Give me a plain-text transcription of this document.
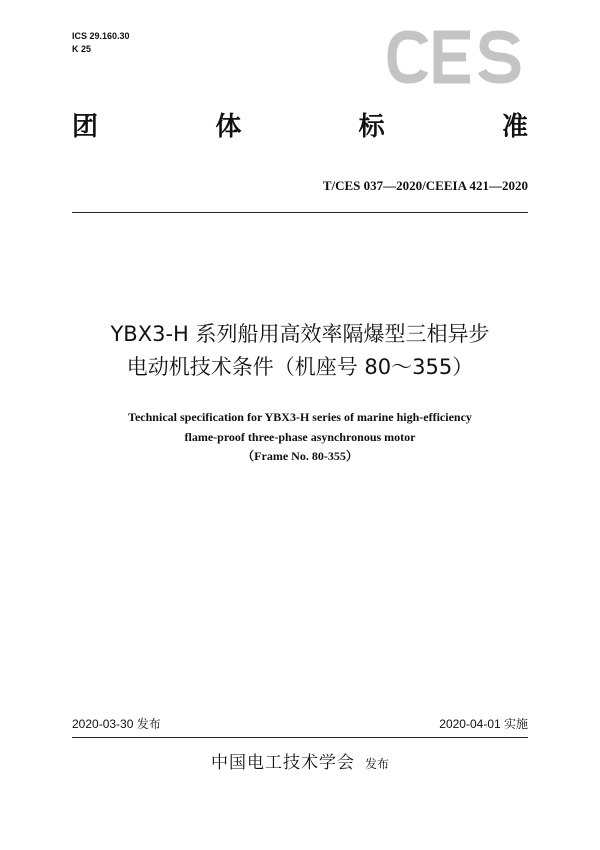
ICS 29.160.30
K 25
CES
团	体	标	准
T/CES 037—2020/CEEIA 421—2020
YBX3-H 系列船用高效率隔爆型三相异步
电动机技术条件（机座号 80～355）
Technical specification for YBX3-H series of marine high-efficiency
flame-proof three-phase asynchronous motor
（Frame No. 80-355）
2020-03-30 发布	2020-04-01 实施
中国电工技术学会 发布
